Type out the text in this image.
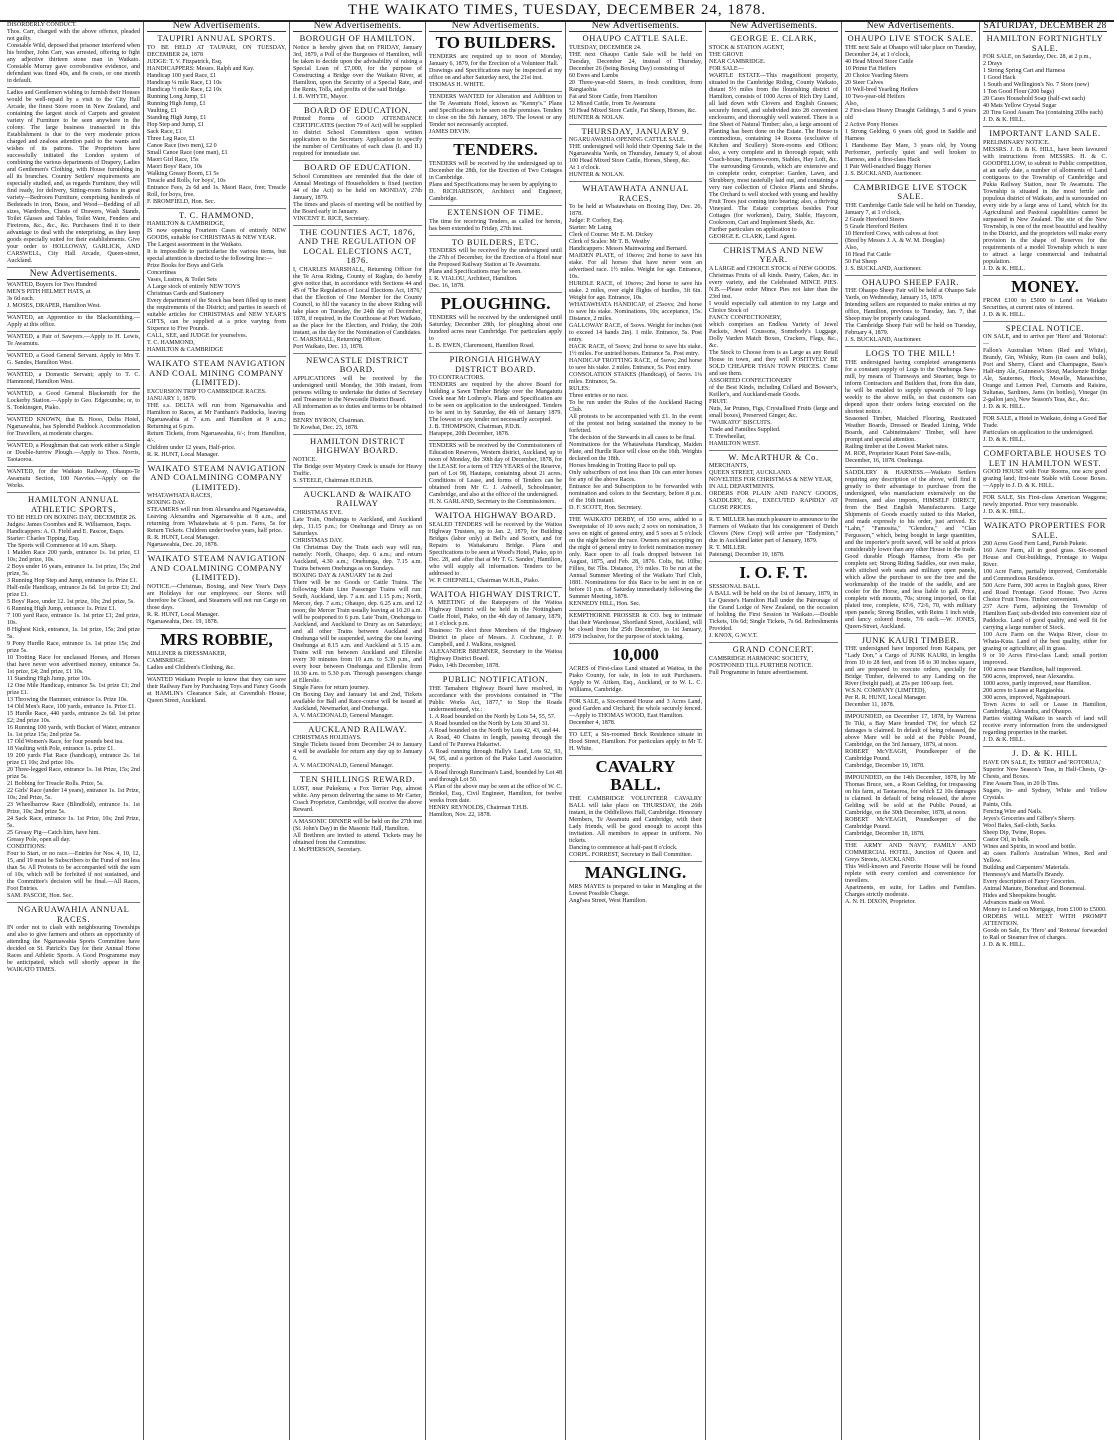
THE WAIKATO TIMES, TUESDAY, DECEMBER 24, 1878.
DISORDERLY CONDUCT.
Thos. Carr, charged with the above offence, pleaded not guilty.
Constable Wild, deposed that prisoner interfered when his brother, John Carr, was arrested, offering to fight any adjective thirteen stone man in Waikato. Constable Murray gave corroborative evidence, and defendant was fined 40s, and 8s costs, or one month in default.
Ladies and Gentlemen wishing to furnish their Houses would be well-repaid by a visit to the City Hall Arcade, the finest Store room in New Zealand, and containing the largest stock of Carpets and greatest variety of Furniture to be seen anywhere in the colony. The large business transacted in this Establishment is due to the very moderate prices charged and zealous attention paid to the wants and wishes of its patrons. The Proprietors have successfully initiated the London system of combining the various departments of Drapery, Ladies and Gentlemen's Clothing, with House furnishing in all its branches. Country Settlers' requirements are especially studied, and, as regards Furniture, they will find ready, for delivery, Sitting-room Suites in great variety—Bedroom Furniture, comprising hundreds of Bedsteads in iron, Brass, and Wood—Bedding of all sizes, Wardrobes, Chests of Drawers, Wash Stands, Toilet Glasses and Tables, Toilet Ware, Fenders and Fireirons, &c., &c., &c. Purchasers find it to their advantage to deal with the enterprising, as they keep goods especially suited for their establishments. Give your order to HOLLOWAY, GARLICK, AND CARSWELL, City Hall Arcade, Queen-street, Auckland.
New Advertisements.
WANTED, Buyers for Two Hundred
MEN'S PITH HELMET HATS, at
3s 6d each.
J. MOSES, DRAPER, Hamilton West.
WANTED, an Apprentice to the Blacksmithing.—Apply at this office.
WANTED, a Pair of Sawyers.—Apply to H. Lewis, Te Awamutu.
WANTED, a Good General Servant. Apply to Mrs T. G. Sandes, Hamilton West.
WANTED, a Domestic Servant; apply to T. C. Hammond, Hamilton West.
WANTED, a Good General Blacksmith for the Lockerby Station.—Apply to Geo. Edgecumbe; or, to S. Tonkinsgen, Piako.
WANTED KNOWN, that B. Hooo, Delta Hotel, Ngaruawahia, has Splendid Paddock Accommodation for Travellers, at moderate charges.
WANTED, a Ploughman that can work either a Single or Double-furrow Plough.—Apply to Thos. Norris, Taotaoroa.
WANTED, for the Waikato Railway, Ohaupo-Te Awamutu Section, 100 Navvies.—Apply on the Works.
HAMILTON ANNUAL ATHLETIC SPORTS,
TO BE HELD ON BOXING DAY, DECEMBER 26.
Judges: James Coombes and R. Williamson, Esqrs.
Handicappers: A. O. Field and E. Pascoe, Esqrs.
Starter: Charles Tipping, Esq.
The Sports will Commence at 10 a.m. Sharp.
1 Maiden Race 200 yards, entrance 1s. 1st prize, £1 10s; 2nd prize, 10s.
2 Boys under 16 years, entrance 1s. 1st prize, 15s; 2nd prize, 5s.
3 Running Hop Step and Jump, entrance 1s. Prize £1.
Half-mile Handicap, entrance 2s 6d. 1st prize £3; 2nd prize £1.
5 Boys' Race, under 12. 1st prize, 10s; 2nd prize, 5s.
6 Running High Jump, entrance 1s. Prize £1.
7 100 yard Race, entrance 1s. 1st prize £1; 2nd prize, 10s.
8 Highest Kick, entrance, 1s. 1st prize, 15s; 2nd prize 5s.
9 Pony Hurdle Race, entrance 1s. 1st prize 15s; 2nd prize 5s.
10 Trotting Race for unclassed Horses, and Horses that have never won advertised money, entrance 5s. 1st prize, £4; 2nd prize, £1 10s.
11 Standing High Jump, prize 10s.
12 One Mile Handicap, entrance 5s. 1st prize £3; 2nd prize £1.
13 Throwing the Hammer, entrance 1s. Prize 10s.
14 Old Men's Race, 100 yards, entrance 1s. Prize £1.
15 Hurdle Race, 440 yards, entrance 2s 6d. 1st prize £2; 2nd prize 10s.
16 Running 100 yards, with Bucket of Water, entrance 1s. 1st prize 15s; 2nd prize 5s.
17 Old Women's Race, for four pounds best tea.
18 Vaulting with Pole, entrance 1s. prize £1.
19 200 yards Flat Race (handicap), entrance 2s. 1st prize £1 10s; 2nd prize 10s.
20 Three-legged Race, entrance 1s. 1st Prize, 15s; 2nd prize 5s.
21 Bobbing for Treacle Rolls. Prize, 5s.
22 Girls' Race (under 14 years), entrance 1s. 1st Prize, 10s; 2nd Prize, 5s.
23 Wheelbarrow Race (Blindfold), entrance 1s. 1st Prize, 10s; 2nd prize 5s.
24 Sack Race, entrance 1s. 1st Prize, 10s; 2nd Prize, 5s.
25 Greasy Pig—Catch him, have him.
Greasy Pole, open all day.
CONDITIONS:
Four to Start, or no race.—Entries for Nos. 4, 10, 12, 15, and 19 must be Subscribers to the Fund of not less than 5s. All Protests to be accompanied with the sum of 10s, which will be forfeited if not sustained, and the Committee's decision will be final.—All Races, Foot Entries.
SAM. PASCOE, Hon. Sec.
NGARUAWAHIA ANNUAL RACES.
IN order not to clash with neighbouring Townships and also to give farmers and others an opportunity of attending the Ngaruawahia Sports Committee have decided on St. Patrick's Day for their Annual Horse Races and Athletic Sports. A Good Programme may be anticipated, which will shortly appear in the WAIKATO TIMES.
New Advertisements.
TAUPIRI ANNUAL SPORTS.
TO BE HELD AT TAUPARI, ON TUESDAY, DECEMBER 24, 1878
JUDGE: T. V. Fitzpatrick, Esq.
HANDICAPPERS: Messrs. Ralph and Kay.
Handicap 100 yard Race, £1
Handicap ¼ mile Race, £1 10s
Handicap ½ mile Race, £2 10s
Running Long Jump, £1
Running High Jump, £1
Vaulting, £1
Standing High Jump, £1
Hop Step and Jump, £1
Sack Race, £1
Three Leg Race, £1
Canoe Race (two men), £2 0
Small Canoe Race (one man), £1
Maori Girl Race, 15s
Maori Boys' Race, 10s
Walking Greasy Boom, £1 5s
Treacle and Rolls, for boys', 10s
Entrance Fees, 2s 6d and 1s. Maori Race, free; Treacle Roll, for boys, free.
F. BROMFIELD, Hon. Sec.
T. C. HAMMOND,
HAMILTON & CAMBRIDGE,
IS now opening Fourteen Cases of entirely NEW GOODS, suitable for CHRISTMAS & NEW YEAR.
The Largest assortment in the Waikato.
It is impossible to particularise the various items, but special attention is directed to the following line:—
Prize Books for Boys and Girls
Concertinas
Vases, Lustres, & Toilet Sets
A Large stock of entirely NEW TOYS
Christmas Cards and Stationery
Every department of the Stock has been filled up to meet the requirements of the District; and parties in search of suitable articles for CHRISTMAS and NEW YEAR'S GIFTS, can be supplied at a price varying from Sixpence to Five Pounds.
CALL, SEE, and JUDGE for yourselves.
T. C. HAMMOND,
HAMILTON & CAMBRIDGE
WAIKATO STEAM NAVIGATION AND COAL MINING COMPANY (LIMITED).
EXCURSION TRIP TO CAMBRIDGE RACES.
JANUARY 1, 1879.
THE s.s. DELTA will run from Ngaruawahia and Hamilton to Races, at Mr Fantham's Paddocks, leaving Ngaruawahia at 7 a.m. and Hamilton at 9 a.m.; Returning at 6 p.m.
Return Tickets, from Ngaruawahia, 6/-; from Hamilton, 4/-.
Children under 12 years, Half-price.
R. R. HUNT, Local Manager.
WAIKATO STEAM NAVIGATION AND COALMINING COMPANY (LIMITED).
WHATAWHATA RACES,
BOXING DAY.
STEAMERS will run from Alexandra and Ngaruawahia, Leaving Alexandra and Ngaruawahia at 8 a.m., and returning from Whatawhata at 6 p.m. Fares, 5s for Return Tickets. Children under twelve years, half price.
R. R. HUNT, Local Manager.
Ngaruawahia, Dec. 20, 1878.
WAIKATO STEAM NAVIGATION AND COALMINING COMPANY (LIMITED).
NOTICE.—Christmas, Boxing, and New Year's Days are Holidays for our employees; our Stores will therefore be Closed, and Steamers will not run Cargo on those days.
R. R. HUNT, Local Manager.
Ngaruawahia, Dec. 19, 1878.
MRS ROBBIE,
MILLINER & DRESSMAKER,
CAMBRIDGE.
Ladies and Children's Clothing, &c.
WANTED Waikato People to know that they can save their Railway Fare by Purchasing Toys and Fancy Goods at HAMLIN's Clearance Sale, at Cavendish House, Queen Street, Auckland.
New Advertisements.
BOROUGH OF HAMILTON.
Notice is hereby given that on FRIDAY, January 3rd, 1879, a Poll of the Burgesses of Hamilton, will be taken to decide upon the advisability of raising a Special Loan of £7,000, for the purpose of Constructing a Bridge over the Waikato River, at Hamilton, upon the Security of a Special Rate, and the Rents, Tolls, and profits of the said Bridge.
J. B. WHYTE, Mayor.
BOARD OF EDUCATION.
Printed Forms of GOOD ATTENDANCE CERTIFICATES (section 79 of Act) will be supplied to district School Committees upon written application to the Secretary. Application to specify the number of Certificates of each class (I. and II.) required for immediate use.
BOARD OF EDUCATION.
School Committees are reminded that the date of Annual Meetings of Householders is fixed (section 44 of the Act) to be held on MONDAY, 27th January, 1879.
The times and places of meeting will be notified by the Board early in January.
VINCENT E. RICE, Secretary.
THE COUNTIES ACT, 1876, AND THE REGULATION OF LOCAL ELECTIONS ACT, 1876.
I, CHARLES MARSHALL, Returning Officer for the Te Aroa Riding, County of Raglan, do hereby give notice that, in accordance with Sections 44 and 45 of 'The Regulation of Local Elections Act, 1876,' that the Election of One Member for the County Council, to fill the vacancy in the above Riding will take place on Tuesday, the 24th day of December, 1878, if required, in the Courthouse at Port Waikato, as the place for the Election, and Friday, the 20th instant, as the day for the Nomination of Candidates.
C. MARSHALL, Returning Officer.
Port Waikato, Dec. 13, 1878.
NEWCASTLE DISTRICT BOARD.
APPLICATIONS will be received by the undersigned until Monday, the 30th instant, from persons willing to undertake the duties of Secretary and Treasurer to the Newcastle District Board.
All information as to duties and terms to be obtained from
BENRY BYRON, Chairman.
Te Kowhai, Dec. 23, 1878.
HAMILTON DISTRICT HIGHWAY BOARD.
NOTICE.
The Bridge over Mystery Creek is unsafe for Heavy Traffic.
S. STEELE, Chairman H.D.H.B.
AUCKLAND & WAIKATO RAILWAY
CHRISTMAS EVE.
Late Train, Onehunga to Auckland, and Auckland dep., 11.15 p.m.; for Onehunga and Drury as on Saturdays.
CHRISTMAS DAY.
On Christmas Day the Train each way will run, namely: North, Ohaupo, dep. 6 a.m.; and return Auckland, 4.30 a.m.; Onehunga, dep. 7.15 a.m. Trains between Onehunga as on Sundays.
BOXING DAY & JANUARY 1st & 2nd
There will be no Goods or Cattle Trains. The following Main Line Passenger Trains will run: South, Auckland, dep. 7 a.m. and 1.15 p.m.; North, Mercer, dep. 7 a.m.; Ohaupo, dep. 6.25 a.m. and 12 noon; the Mercer Train usually leaving at 10.20 a.m. will be postponed to 6 p.m. Late Train, Onehunga to Auckland, and Auckland to Drury as on Saturdays; and all other Trains between Auckland and Onehunga will be suspended, saving the one leaving Onehunga at 8.15 a.m. and Auckland at 5.15 a.m. Trains will run between Auckland and Ellerslie every 30 minutes from 10 a.m. to 5.30 p.m., and every hour between Onehunga and Ellerslie from 10.30 a.m. to 5.30 p.m. Through passengers change at Ellerslie.
Single Fares for return journey.
On Boxing Day and January 1st and 2nd, Tickets available for Ball and Race-course will be issued at Auckland, Newmarket, and Onehunga.
A. V. MACDONALD, General Manager.
AUCKLAND RAILWAY.
CHRISTMAS HOLIDAYS.
Single Tickets issued from December 24 to January 4 will be available for return any day up to January 6.
A. V. MACDONALD, General Manager.
TEN SHILLINGS REWARD.
LOST, near Pukekura, a Fox Terrier Pup, almost white. Any person delivering the same to Mr Carter, Coach Proprietor, Cambridge, will receive the above Reward.
A MASONIC DINNER will be held on the 27th inst (St. John's Day) in the Masonic Hall, Hamilton.
All Brethren are invited to attend. Tickets may be obtained from the Committee.
J. McPHERSON, Secretary.
New Advertisements.
TO BUILDERS.
TENDERS are required up to noon of Monday, January 6, 1879, for the Erection of a Volunteer Hall.
Drawings and Specifications may be inspected at my office on and after Saturday next, the 21st inst.
THOMAS H. WHITE.
TENDERS WANTED for Alteration and Addition to the Te Awamutu Hotel, known as "Kenny's." Plans and Specifications to be seen on the premises. Tenders to close on the 5th January, 1879. The lowest or any Tender not necessarily accepted.
JAMES DEVIN.
TENDERS.
TENDERS will be received by the undersigned up to December the 28th, for the Erection of Two Cottages in Cambridge.
Plans and Specifications may be seen by applying to
D. RICHARDSON, Architect and Engineer, Cambridge.
EXTENSION OF TIME.
The time for receiving Tenders, as called for herein, has been extended to Friday, 27th inst.
TO BUILDERS, ETC.
TENDERS will be received by the undersigned until the 27th of December, for the Erection of a Hotel near the Proposed Railway Station at Te Awamutu.
Plans and Specifications may be seen.
I. R. VIALOU, Architect, Hamilton.
Dec. 16, 1878.
PLOUGHING.
TENDERS will be received by the undersigned until Saturday, December 28th, for ploughing about one hundred acres near Cambridge. For particulars apply to
L. B. EWEN, Claremount, Hamilton Road.
PIRONGIA HIGHWAY DISTRICT BOARD.
TO CONTRACTORS.
TENDERS are required by the above Board for building a Sawn Timber Bridge over the Mangatutu Creek near Mr Lothrop's. Plans and Specification are to be seen on application to the undersigned. Tenders to be sent in by Saturday, the 4th of January 1879. The lowest or any tender not necessarily accepted.
J. B. THOMPSON, Chairman, P.D.B.
Harapepe, 20th December, 1878.
TENDERS will be received by the Commissioners of Education Reserves, Western district, Auckland, up to noon of Monday, the 30th day of December, 1878, for the LEASE for a term of TEN YEARS of the Reserve, part of Lot 98, Hautapu, containing about 21 acres. Conditions of Lease, and forms of Tenders can be obtained from Mr C. J. Ashwell, Schoolmaster, Cambridge, and also at the office of the undersigned.
H. N. GARLAND, Secretary to the Commissioners.
WAITOA HIGHWAY BOARD.
SEALED TENDERS will be received by the Waitoa Highway Trustees, up to Jan. 2, 1879, for Building Bridges (labor only) at Bell's and Scott's, and for Repairs to Waitakaruru Bridge. Plans and Specifications to be seen at Wood's Hotel, Piako, up to Dec. 28, and after that at Mr T. G. Sandes', Hamilton, who will supply all information. Tenders to be addressed to
W. P. CHEPNELL, Chairman W.H.B., Piako.
WAITOA HIGHWAY DISTRICT.
A MEETING of the Ratepayers of the Waitoa Highway District will be held in the Nottingham Castle Hotel, Piako, on the 4th day of January, 1879, at 1 o'clock p.m.
Business: To elect three Members of the Highway District in place of Messrs. J. Cochrane, J. P. Campbell, and J. Walkins, resigned.
ALEXANDER BREMNER, Secretary to the Waitoa Highway District Board.
Piako, 14th December, 1878.
PUBLIC NOTIFICATION.
THE Tamahere Highway Board have resolved, in accordance with the provisions contained in "The Public Works Act, 1877," to Stop the Roads undermentioned, viz.:
1. A Road bounded on the North by Lots 54, 55, 57.
A Road bounded on the North by Lots 30 and 31.
A Road bounded on the North by Lots 42, 43, and 44.
A Road, 40 Chains in length, passing through the Land of Te Purewa Hakariwi.
A Road running through Hally's Land, Lots 92, 93, 94, 95, and a portion of the Piako Land Association property.
A Road through Runciman's Land, bounded by Lot 48 and through Lot 50.
A Plan of the above may be seen at the office of W. C. Brinkel, Esq., Civil Engineer, Hamilton, for twelve weeks from date.
HENRY REYNOLDS, Chairman T.H.B.
Hamilton, Nov. 22, 1878.
New Advertisements.
OHAUPO CATTLE SALE.
TUESDAY, DECEMBER 24.
THE next Ohaupo Cattle Sale will be held on Tuesday, December 24, instead of Thursday, December 26 (being Boxing Day) consisting of
60 Ewes and Lambs
20 Three-year-old Steers, in fresh condition, from Rangiaohia
Fat and Store Cattle, from Hamilton
12 Mixed Cattle, from Te Awamutu
50 Head Mixed Store Cattle, Fat Sheep, Horses, &c.
HUNTER & NOLAN.
THURSDAY, JANUARY 9.
NGARUAWAHIA OPENING CATTLE SALE.
THE undersigned will hold their Opening Sale in the Ngaruawahia Yards, on Thursday, January 9, of about 100 Head Mixed Store Cattle, Horses, Sheep, &c.
At 1 o'clock.
HUNTER & NOLAN.
WHATAWHATA ANNUAL RACES,
To be held at Whatawhata on Boxing Day, Dec. 26, 1878.
Judge: P. Corboy, Esq.
Starter: Mr Laing
Clerk of Course: Mr E. M. Dickey
Clerk of Scales: Mr T. B. Westby
Handicappers: Messrs Mainwaring and Bernard.
MAIDEN PLATE, of 10sovs; 2nd horse to save his stake. For all horses that have never won an advertised race. 1½ miles. Weight for age. Entrance, 10s.
HURDLE RACE, of 10sovs; 2nd horse to save his stake. 2 miles, over eight flights of hurdles, 3ft 6in. Weight for age. Entrance, 10s.
WHATAWHATA HANDICAP, of 25sovs; 2nd horse to save his stake. Nominations, 10s; acceptance, 15s. Distance, 2 miles.
GALLOWAY RACE, of 5sovs. Weight for inches (not to exceed 14 hands 2in). 1 mile. Entrance, 5s. Post entry.
HACK RACE, of 5sovs; 2nd horse to save his stake. 1½ miles. For untried horses. Entrance 5s. Post entry.
HANDICAP TROTTING RACE, of 5sovs; 2nd horse to save his stake. 2 miles. Entrance, 5s. Post entry.
CONSOLATION STAKES (Handicap), of 5sovs. 1¼ miles. Entrance, 5s.
RULES:
Three entries or no race.
To be run under the Rules of the Auckland Racing Club.
All protests to be accompanied with £1. In the event of the protest not being sustained the money to be forfeited.
The decision of the Stewards in all cases to be final.
Nominations for the Whatawhata Handicap, Maiden Plate, and Hurdle Race will close on the 16th. Weights declared on the 18th.
Horses breaking in Trotting Race to pull up.
Only subscribers of not less than 10s can enter horses for any of the above Races.
Entrance fee and Subscription to be forwarded with nomination and colors to the Secretary, before 8 p.m. of the 16th instant.
D. F. SCOTT, Hon. Secretary.
THE WAIKATO DERBY, of 150 sovs, added to a Sweepstake of 10 sovs each; 2 sovs on nomination, 3 sovs on night of general entry, and 5 sovs at 5 o'clock on the night before the race. Owners not accepting on the night of general entry to forfeit nomination money only. Race open to all foals dropped between 1st August, 1875, and Feb. 28, 1876. Colts, 8st. 10lbs; Fillies, 8st 7lbs. Distance, 1½ miles. To be run at the Annual Summer Meeting of the Waikato Turf Club, 1881. Nominations for this Race to be sent in on or before 11 p.m. of Saturday immediately following the Summer Meeting, 1878.
KENNEDY HILL, Hon. Sec.
KEMPTHORNE PROSSER & CO. beg to intimate that their Warehouse, Shortland Street, Auckland, will be closed from the 25th December, to 1st January, 1879 inclusive, for the purpose of stock taking.
10,000
ACRES of First-class Land situated at Waitoa, in the Piako County, for sale, in lots to suit Purchasers. Apply to W. Aitken, Esq., Auckland, or to W. L. C. Williams, Cambridge.
FOR SALE, a Six-roomed House and 3 Acres Land, good Garden and Orchard; the whole securely fenced.—Apply to THOMAS WOOD, East Hamilton.
December 4, 1878.
TO LET, a Six-roomed Brick Residence situate in Hood Street, Hamilton. For particulars apply to Mr T. H. White.
CAVALRY BALL.
THE CAMBRIDGE VOLUNTEER CAVALRY BALL will take place on THURSDAY, the 26th instant, in the Oddfellows Hall, Cambridge. Honorary Members, Te Awamutu and Cambridge, with their Lady friends, will be good enough to accept this invitation. All members to appear in uniform. No tickets.
Dancing to commence at half-past 8 o'clock.
CORPL. FORREST, Secretary to Ball Committee.
MANGLING.
MRS MAYES is prepared to take in Mangling at the Lowest Possible Charge.
Angl'sea Street, West Hamilton.
New Advertisements.
GEORGE E. CLARK,
STOCK & STATION AGENT,
THE GROVE
NEAR CAMBRIDGE.
FOR SALE—
WARTLE ESTATE—This magnificent property, situated in the Cambridge Riding, County Waikato, distant 5½ miles from the flourishing district of Hamilton, consists of 1000 Acres of Rich Dry Land, all laid down with Clovers and English Grasses; securely fenced, and subdivided into 28 convenient enclosures, and thoroughly well watered. There is a fine Sheet of Natural Timber; also, a large amount of Planting has been done on the Estate. The House is commodious, containing 14 Rooms (exclusive of Kitchen and Scullery) Store-rooms and Offices; also, a very complete and in thorough repair, with Coach-house, Harness-room, Stables, Hay Loft, &c. The surrounding Grounds, which are extensive and in complete order, comprise: Garden, Lawn, and Shrubbery, most tastefully laid out, and containing a very rare collection of Choice Plants and Shrubs. The Orchard is well stocked with young and healthy Fruit Trees just coming into bearing; also, a thriving Vineyard. The Estate comprises besides Four Cottages (for workmen), Dairy, Stable, Haycorn, Cookroom, Cart and Implement Sheds, &c.
Further particulars on application to
GEORGE E. CLARK, Land Agent.
CHRISTMAS AND NEW YEAR.
A LARGE and CHOICE STOCK of NEW GOODS.
Christmas Fruits of all kinds. Pastry, Cakes, &c. in every variety, and the Celebrated MINCE PIES. N.B.—Please order Mince Pies not later than the 23rd inst.
I would especially call attention to my Large and Choice Stock of
FANCY CONFECTIONERY,
which comprises an Endless Variety of Jewel Packets, Jewel Coussons, Somebody's Luggage, Dolly Varden Match Boxes, Crackers, Flags, &c., &c.
The Stock to Choose from is as Large as any Retail House in town, and they will POSITIVELY BE SOLD CHEAPER THAN TOWN PRICES. Come and see them.
ASSORTED CONFECTIONERY
of the Best Kinds, including Collard and Bowser's, Keiller's, and Auckland-made Goods.
FRUIT.
Nuts, Jar Prunes, Figs, Crystallised Fruits (large and small boxes), Preserved Ginger, &c.
"WAIKATO" BISCUITS.
Trade and Families Supplied.
T. Trewheellar,
HAMILTON WEST.
W. McARTHUR & Co.
MERCHANTS,
QUEEN STREET, AUCKLAND.
NOVELTIES FOR CHRISTMAS & NEW YEAR,
IN ALL DEPARTMENTS.
ORDERS FOR PLAIN AND FANCY GOODS, SADDLERY, &c., EXECUTED RAPIDLY AT CLOSE PRICES.
R. T. MILLER has much pleasure to announce to the Farmers of Waikato that his consignment of Dutch Clovers (New Crop) will arrive per "Endymion," due in Auckland latter part of January, 1879.
R. T. MILLER.
Paterangi, December 19, 1878.
I. O. F. T.
SESSIONAL BALL.
A BALL will be held on the 1st of January, 1879, in Le Quesne's Hamilton Hall under the Patronage of the Grand Lodge of New Zealand, on the occasion of holding the First Session in Waikato.—Double Tickets, 10s 6d; Single Tickets, 7s 6d. Refreshments Provided.
J. KNOX, G.W.V.T.
GRAND CONCERT.
CAMBRIDGE HARMONIC SOCIETY,
POSTPONED TILL FURTHER NOTICE.
Full Programme in future advertisement.
New Advertisements.
OHAUPO LIVE STOCK SALE.
THE next Sale at Ohaupo will take place on Tuesday, December 24, at 1 o'clock,
40 Head Mixed Store Cattle
10 Prime Fat Heifers
20 Choice Yearling Steers
20 Steer Calves
10 Well-bred Yearling Heifers
10 Two-year-old Heifers
Also,
2 First-class Heavy Draught Geldings, 5 and 6 years old
2 Active Pony Horses
1 Strong Gelding, 6 years old; good in Saddle and Harness
1 Handsome Bay Mare, 3 years old, by Young Performer, perfectly quiet and well broken to Harness, and a first-class Hack
1 Pair Well-matched Buggy Horses
J. S. BUCKLAND, Auctioneer.
CAMBRIDGE LIVE STOCK SALE.
THE Cambridge Cattle Sale will be held on Tuesday, January 7, at 1 o'clock,
2 Grade Hereford Steers
5 Grade Hereford Heifers
10 Hereford Cows, with calves at foot
(Bred by Messrs J. A. & W. M. Douglas)
Also,
10 Head Fat Cattle
50 Fat Sheep
J. S. BUCKLAND, Auctioneer.
OHAUPO SHEEP FAIR.
THE Ohaupo Sheep Fair will be held at Ohaupo Sale Yards, on Wednesday, January 15, 1879.
Intending sellers are requested to make entries at my office, Hamilton, previous to Tuesday, Jan. 7, that Sheep may be properly catalogued.
The Cambridge Sheep Fair will be held on Tuesday, February 4, 1879.
J. S. BUCKLAND, Auctioneer.
LOGS TO THE MILL!
THE undersigned having completed arrangements for a constant supply of Logs to the Onehunga Saw-mill, by means of Tramways and Steamer, begs to inform Contractors and Builders that, from this date, he will be enabled to supply upwards of 70 logs weekly to the above mills, so that customers can depend upon their orders being executed on the shortest notice.
Seasoned Timber, Matched Flooring, Rusticated Weather Boards, Dressed or Beaded Lining, Wide Boards, and Cabinetmakers' Timber, will have prompt and special attention.
Railing timber at the Lowest Market rates.
M. ROE, Proprietor Kauri Point Saw-mills,
December, 16, 1878. Onehunga.
SADDLERY & HARNESS.—Waikato Settlers requiring any description of the above, will find it greatly to their advantage to purchase from the undersigned, who manufacture extensively on the Premises, and also imports, HIMSELF DIRECT, from the Best English Manufacturers. Large Shipments of Goods exactly suited to this Market, and made expressly to his order, just arrived. Ex "Lahn," "Famosita," "Glendora," and "Clan Fergusson," which, being bought in large quantities, and the importer's profit saved, will be sold at prices considerably lower than any other House in the trade. Good durable Plough Harness, from 45s per complete set; Strong Riding Saddles, our own make, with stitched web seats and military open panels, which allow the purchaser to see the tree and the workmanship of the inside of the saddle, and are cooler for the Horse, and less liable to gall. Price, complete with mounts, 70s; strong imported, on flat plated tree, complete, 67/6, 72/6, 70, with military open panels; Strong Bridles, with Reins 1 inch wide, and fancy colored fronts, 7/6 each.—W. JONES, Queen-Street, Auckland.
JUNK KAURI TIMBER.
THE undersigned have imported from Kaipara, per "Lady Don," a Cargo of JUNK KAURI, in lengths from 10 to 28 feet, and from 18 to 30 inches square, and are prepared to execute orders, specially for Bridge Timber, delivered to any Landing on the River (freight paid), at 25s per 100 sup. feet.
W.S.N. COMPANY (LIMITED),
Per R. R. HUNT, Local Manager.
December 11, 1878.
IMPOUNDED, on December 17, 1878, by Warrena Te Tiki, a Bay Mare branded TW, for which £2 damages is claimed. In default of being released, the above Mare will be sold at the Public Pound, Cambridge, on the 3rd January, 1879, at noon.
ROBERT McVEAGH, Poundkeeper of the Cambridge Pound.
Cambridge, December 19, 1878.
IMPOUNDED, on the 14th December, 1878, by Mr Thomas Bruce, sen., a Roan Gelding, for trespassing on his farm, at Taotaoroa, for which £2 10s damages is claimed. In default of being released, the above Gelding will be sold at the Public Pound, at Cambridge, on the 30th December, 1878, at noon.
ROBERT McVEAGH, Poundkeeper of the Cambridge Pound.
Cambridge, December 18, 1878.
THE ARMY AND NAVY, FAMILY AND COMMERCIAL HOTEL, Junction of Queen and Greys Streets, AUCKLAND.
This Well-known and Favorite House will be found replete with every comfort and convenience for travellers.
Apartments, en suite, for Ladies and Families. Charges strictly moderate.
A. N. H. DIXON, Proprietor.
SATURDAY, DECEMBER 28
HAMILTON FORTNIGHTLY SALE.
FOR SALE, on Saturday, Dec. 28, at 2 p.m.,
2 Drays
1 Strong Spring Cart and Harness
1 Good Hack
1 South and Wellington's No. 7 Store (new)
1 Ton Good Flour (200 bags)
20 Cases Household Soap (half-cwt each)
40 Mats Yellow Crystal Sugar
20 Tins Good Assam Tea (containing 20lbs each)
J. D. & K. HILL.
IMPORTANT LAND SALE.
PRELIMINARY NOTICE.
MESSRS. J. D. & K. HILL, have been favoured with instructions from MESSRS. H. & C. GOODFELLOW, to submit to Public competition, at an early date, a number of allotments of Land contiguous to the Township of Cambridge and Pukia Railway Station, near Te Awamutu. The Township is situated in the most fertile and populous district of Waikato, and is surrounded on every side by a large area of Land, which for its Agricultural and Pastoral capabilities cannot be surpassed in New Zealand. The site of the New Township, is one of the most beautiful and healthy in the District, and the proprietors will make every provision in the shape of Reserves for the requirements of a model Township which is sure to attract a large commercial and industrial population.
J. D. & K. HILL.
MONEY.
FROM £100 to £5000 to Lend on Waikato Securities, at current rates of interest.
J. D. & K. HILL.
SPECIAL NOTICE.
ON SALE, and to arrive per 'Hero' and 'Rotorua':—
Fallon's Australian Wines (Red and White), Brandy, Gin, Whisky, Rum (in cases and bulk), Port and Sherry, Claret and Champagne, Bass's Half-tiny Ale, Guinness's Stout, Mackenzie Bridge Ale, Sauternes, Hock, Moselle, Maraschino, Orange and Lemon Peel, Currants and Raisins, Sultanas, Sardines, Jams (in bottles), Vinegar (in 2-gallon jars), New Season's Teas, &c., &c.
J. D. & K. HILL.
FOR SALE, a Hotel in Waikato, doing a Good Bar Trade.
Particulars on application to the undersigned.
J. D. & K. HILL.
COMFORTABLE HOUSES TO LET IN HAMILTON WEST.
GOOD HOUSE with Four Rooms, one acre good grazing land; first-rate Stable with Loose Boxes.—Apply to J. D. & K. HILL.
FOR SALE, Six First-class American Waggons; newly imported. Price very reasonable.
J. D. & K. HILL.
WAIKATO PROPERTIES FOR SALE.
200 Acres Good Fern Land, Parish Pukete.
160 Acre Farm, all in good grass. Six-roomed House and Out-buildings, Frontage to Waipa River.
100 Acre Farm, partially improved, Comfortable and Commodious Residence.
500 Acre Farm, 300 acres in English grass, River and Road Frontage. Good House. Two Acres Choice Fruit Trees. Timber convenient.
237 Acre Farm, adjoining the Township of Hamilton East; sub-divided into convenient size of Paddocks. Land of good quality, and well fit for carrying a large number of Stock.
100 Acre Farm on the Waipa River, close to Whata-Kuta. Land of the best quality, either for grazing or agriculture; all in grass.
9 or 10 Acres First-class Land; small portion improved.
100 acres near Hamilton, half improved.
500 acres, improved, near Alexandra.
1000 acres, partly improved, near Hamilton.
200 acres to Lease at Rangiaohia.
300 acres, improved, Ngahinapouri.
Town Acres to sell or Lease in Hamilton, Cambridge, Alexandra, and Ohaupo.
Parties visiting Waikato in search of land will receive every information from the undersigned regarding properties in the market.
J. D. & K. HILL.
J. D. & K. HILL
HAVE ON SALE, Ex 'HERO' and 'ROTORUA,'
Superior New Season's Teas, in Half-Chests, Qr-Chests, and Boxes.
Fine Assam Teas, in 20 lb Tins.
Sugars, in- and Sydney, White and Yellow Crystals.
Paints, Oils.
Fencing Wire and Nails.
Jeyes's Groceries and Gilbey's Sherry.
Wool Bales, Sail-cloth, Sacks.
Sheep Dip, Twine, Ropes.
Castor Oil, in bulk.
Wines and Spirits, in wood and bottle.
40 cases Fallon's Australian Wines, Red and Yellow.
Building and Carpenters' Materials.
Hennessy's and Martell's Brandy.
Every description of Fancy Groceries.
Animal Manure, Bonedust and Bonemeal.
Hides and Sheepskins bought.
Advances made on Wool.
Money to Lend on Mortgage, from £100 to £5000.
ORDERS WILL MEET WITH PROMPT ATTENTION.
Goods on Sale, Ex 'Hero' and 'Rotorua' forwarded to Rail or Steamer free of charges.
J. D. & K. HILL.
